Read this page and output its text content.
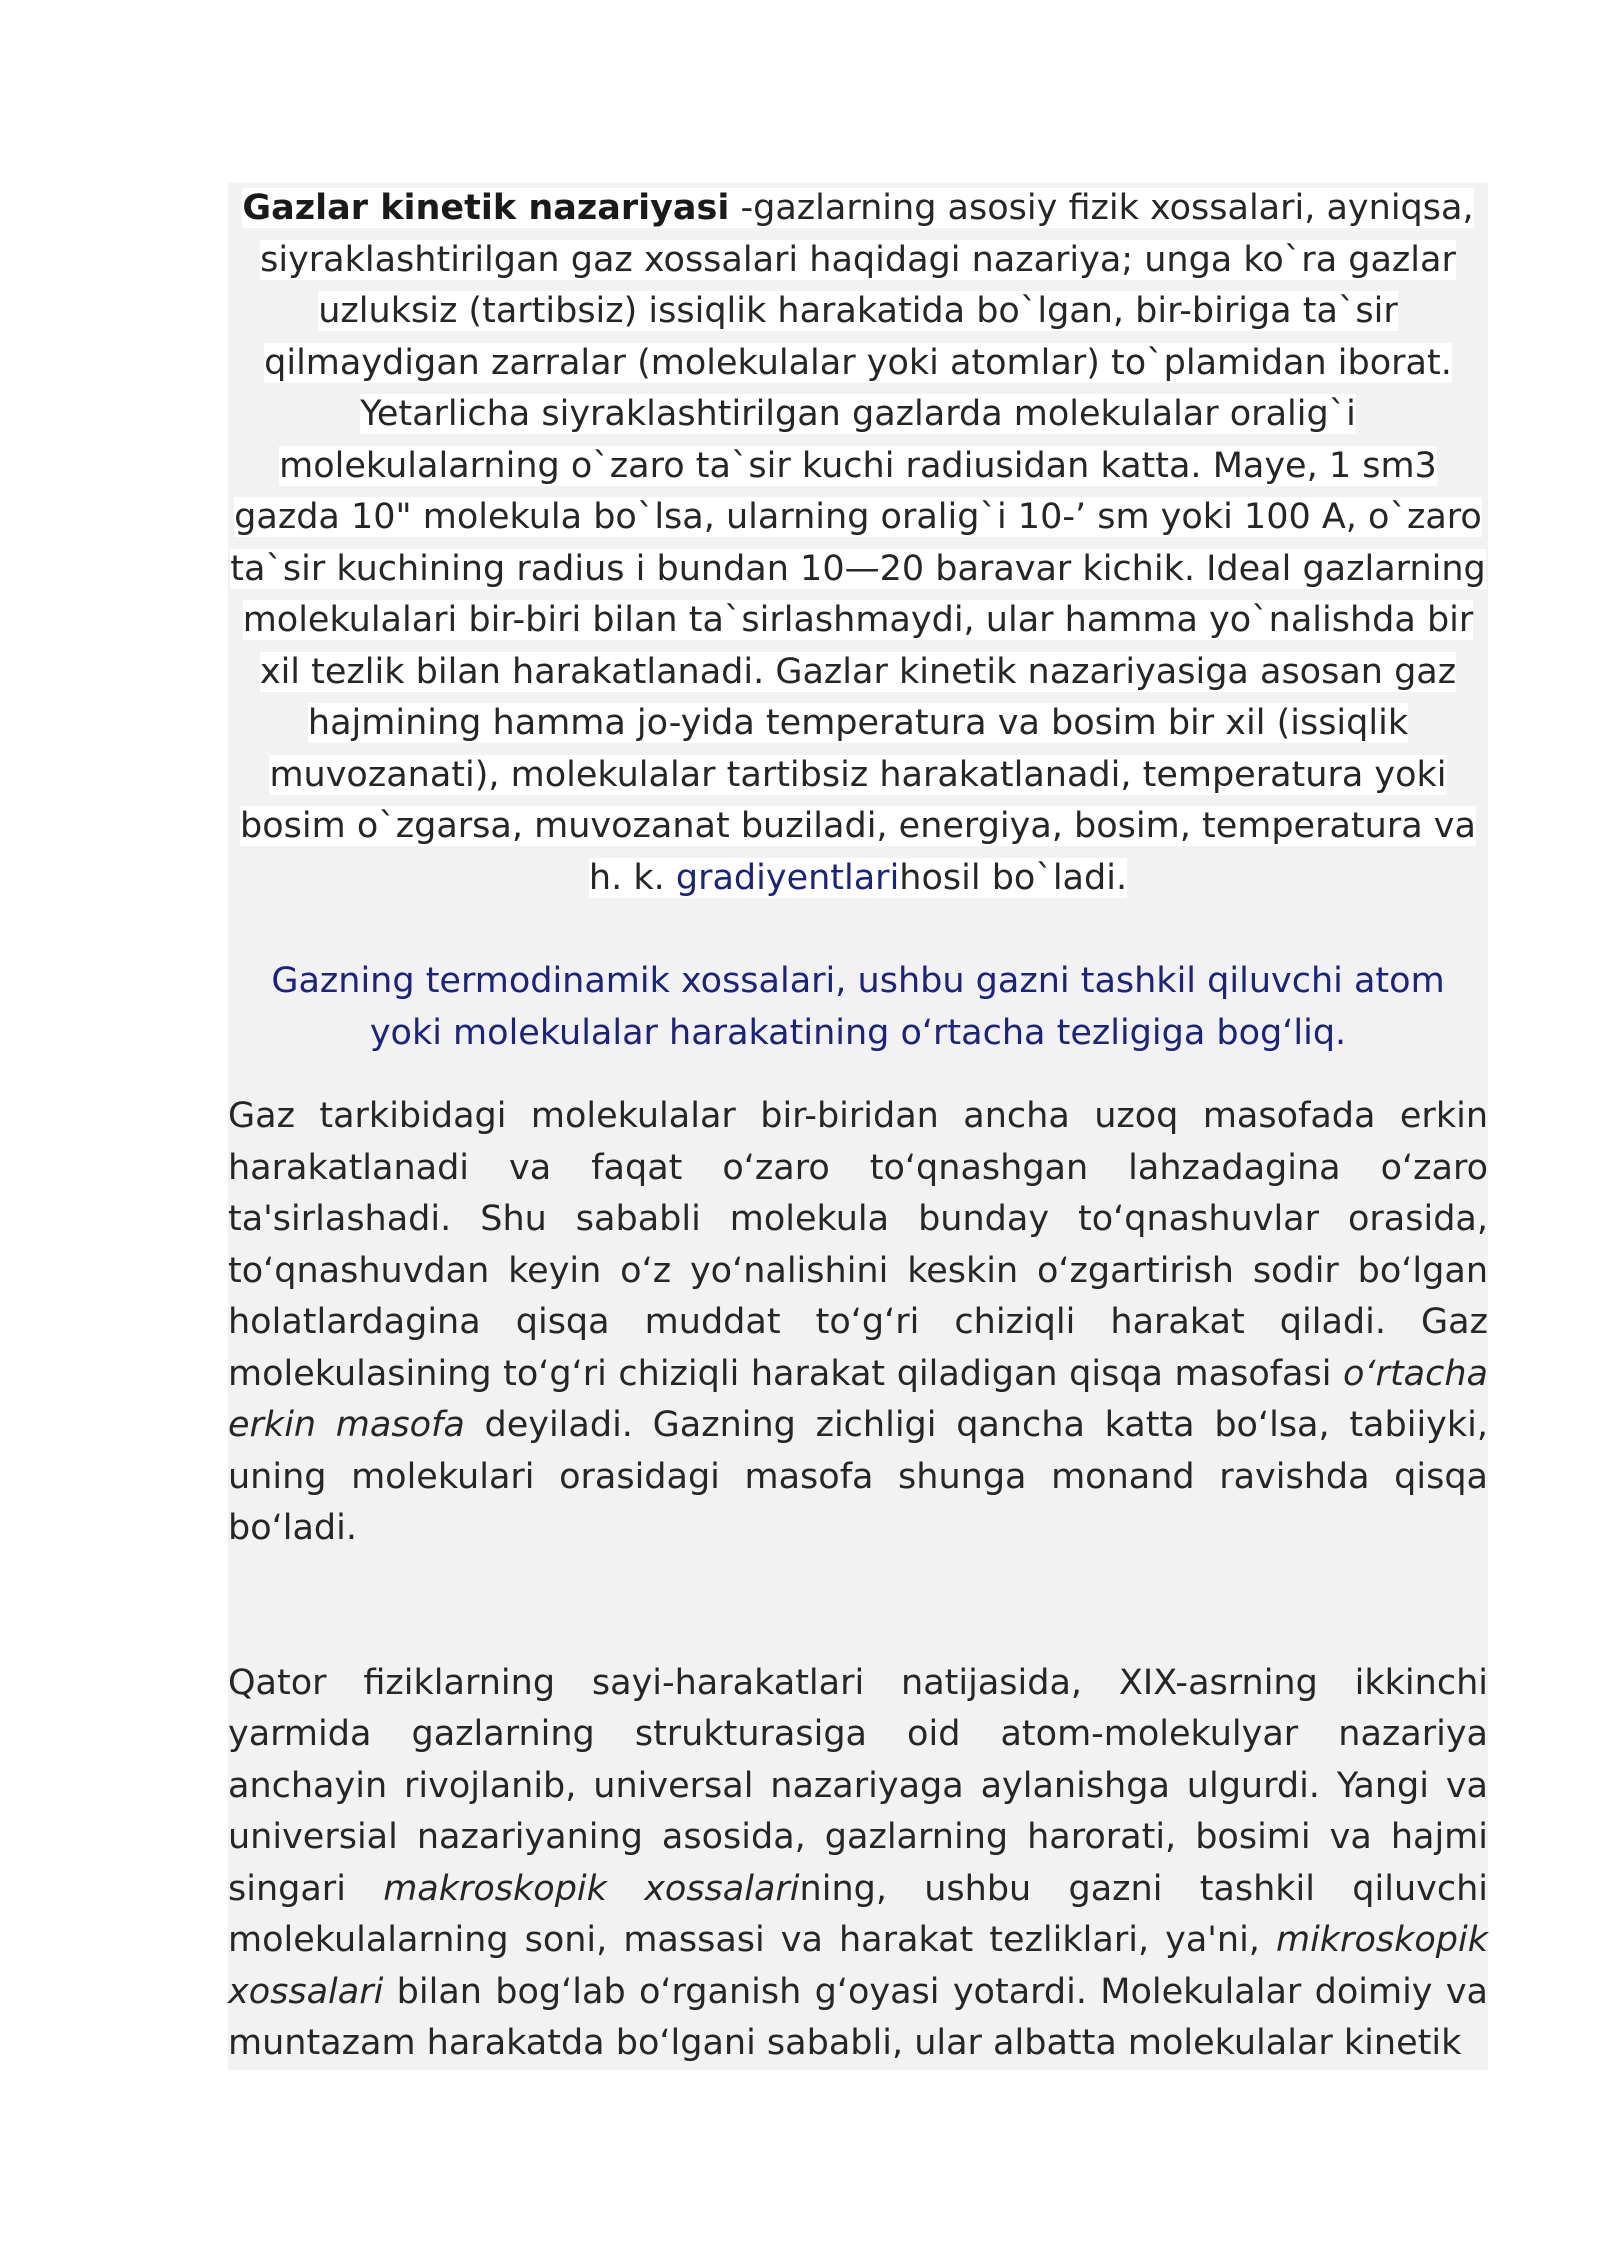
Gazlar kinetik nazariyasi -gazlarning asosiy fizik xossalari, ayniqsa, siyraklashtirilgan gaz xossalari haqidagi nazariya; unga ko`ra gazlar uzluksiz (tartibsiz) issiqlik harakatida bo`lgan, bir-biriga ta`sir qilmaydigan zarralar (molekulalar yoki atomlar) to`plamidan iborat. Yetarlicha siyraklashtirilgan gazlarda molekulalar oralig`i molekulalarning o`zaro ta`sir kuchi radiusidan katta. Maye, 1 sm3 gazda 10" molekula bo`lsa, ularning oralig`i 10-’ sm yoki 100 A, o`zaro ta`sir kuchining radius i bundan 10—20 baravar kichik. Ideal gazlarning molekulalari bir-biri bilan ta`sirlashmaydi, ular hamma yo`nalishda bir xil tezlik bilan harakatlanadi. Gazlar kinetik nazariyasiga asosan gaz hajmining hamma jo-yida temperatura va bosim bir xil (issiqlik muvozanati), molekulalar tartibsiz harakatlanadi, temperatura yoki bosim o`zgarsa, muvozanat buziladi, energiya, bosim, temperatura va h. k. gradiyentlarihosil bo`ladi.

Gazning termodinamik xossalari, ushbu gazni tashkil qiluvchi atom yoki molekulalar harakatining oʻrtacha tezligiga bogʻliq.

Gaz tarkibidagi molekulalar bir-biridan ancha uzoq masofada erkin harakatlanadi va faqat oʻzaro toʻqnashgan lahzadagina oʻzaro ta'sirlashadi. Shu sababli molekula bunday toʻqnashuvlar orasida, toʻqnashuvdan keyin oʻz yoʻnalishini keskin oʻzgartirish sodir boʻlgan holatlardagina qisqa muddat toʻgʻri chiziqli harakat qiladi. Gaz molekulasining toʻgʻri chiziqli harakat qiladigan qisqa masofasi oʻrtacha erkin masofa deyiladi. Gazning zichligi qancha katta boʻlsa, tabiiyki, uning molekulari orasidagi masofa shunga monand ravishda qisqa boʻladi.

Qator fiziklarning sayi-harakatlari natijasida, XIX-asrning ikkinchi yarmida gazlarning strukturasiga oid atom-molekulyar nazariya anchayin rivojlanib, universal nazariyaga aylanishga ulgurdi. Yangi va universial nazariyaning asosida, gazlarning harorati, bosimi va hajmi singari makroskopik xossalarining, ushbu gazni tashkil qiluvchi molekulalarning soni, massasi va harakat tezliklari, ya'ni, mikroskopik xossalari bilan bogʻlab oʻrganish gʻoyasi yotardi. Molekulalar doimiy va muntazam harakatda boʻlgani sababli, ular albatta molekulalar kinetik
